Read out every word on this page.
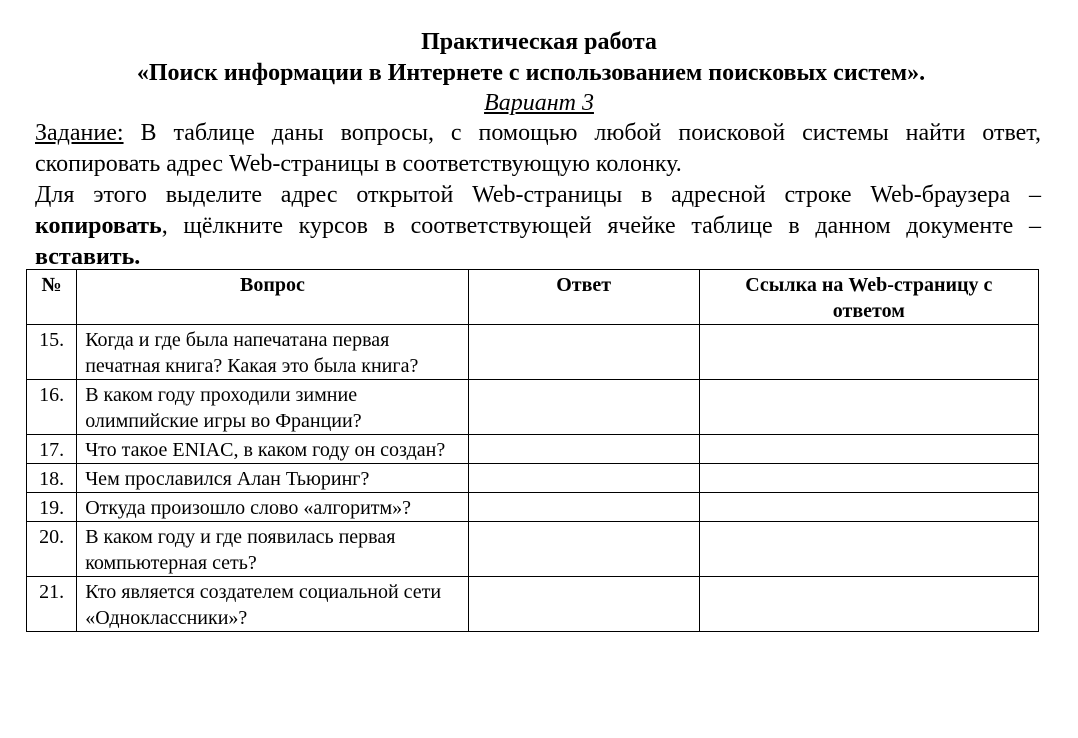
Практическая работа
«Поиск информации в Интернете с использованием поисковых систем».
Вариант 3

Задание: В таблице даны вопросы, с помощью любой поисковой системы найти ответ, скопировать адрес Web-страницы в соответствующую колонку.

Для этого выделите адрес открытой Web-страницы в адресной строке Web-браузера – копировать, щёлкните курсов в соответствующей ячейке таблице в данном документе – вставить.

№	Вопрос	Ответ	Ссылка на Web-страницу с ответом
15.	Когда и где была напечатана первая печатная книга? Какая это была книга?		
16.	В каком году проходили зимние олимпийские игры во Франции?		
17.	Что такое ENIAC, в каком году он создан?		
18.	Чем прославился Алан Тьюринг?		
19.	Откуда произошло слово «алгоритм»?		
20.	В каком году и где появилась первая компьютерная сеть?		
21.	Кто является создателем социальной сети «Одноклассники»?		
